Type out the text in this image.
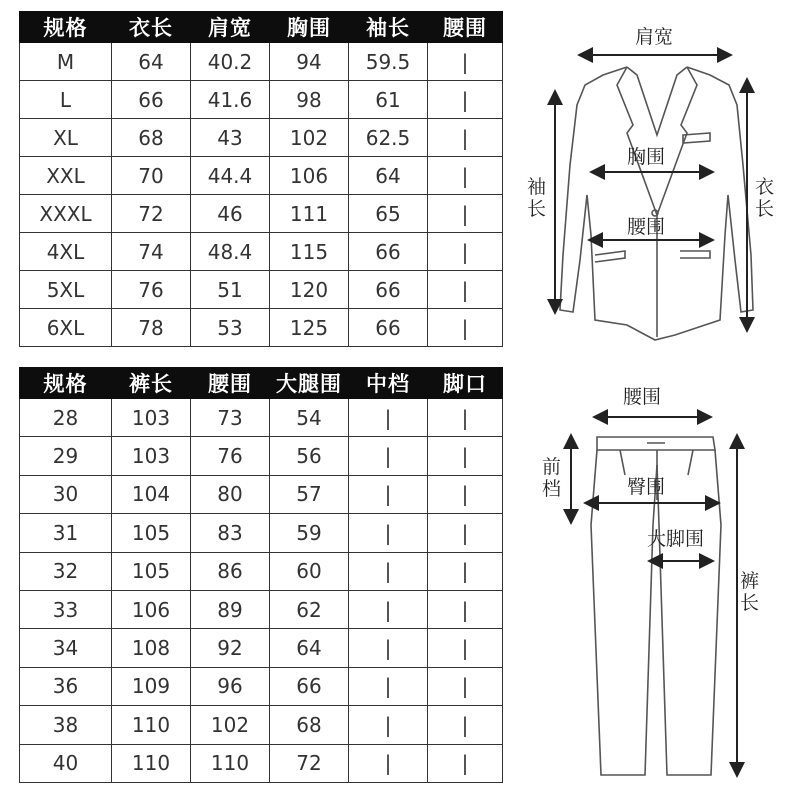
规格	衣长	肩宽	胸围	袖长	腰围
M	64	40.2	94	59.5	|
L	66	41.6	98	61	|
XL	68	43	102	62.5	|
XXL	70	44.4	106	64	|
XXXL	72	46	111	65	|
4XL	74	48.4	115	66	|
5XL	76	51	120	66	|
6XL	78	53	125	66	|
规格	裤长	腰围	大腿围	中档	脚口
28	103	73	54	|	|
29	103	76	56	|	|
30	104	80	57	|	|
31	105	83	59	|	|
32	105	86	60	|	|
33	106	89	62	|	|
34	108	92	64	|	|
36	109	96	66	|	|
38	110	102	68	|	|
40	110	110	72	|	|
肩宽
胸围
腰围
袖
长
衣
长
腰围
臀围
大脚围
前
档
裤
长
